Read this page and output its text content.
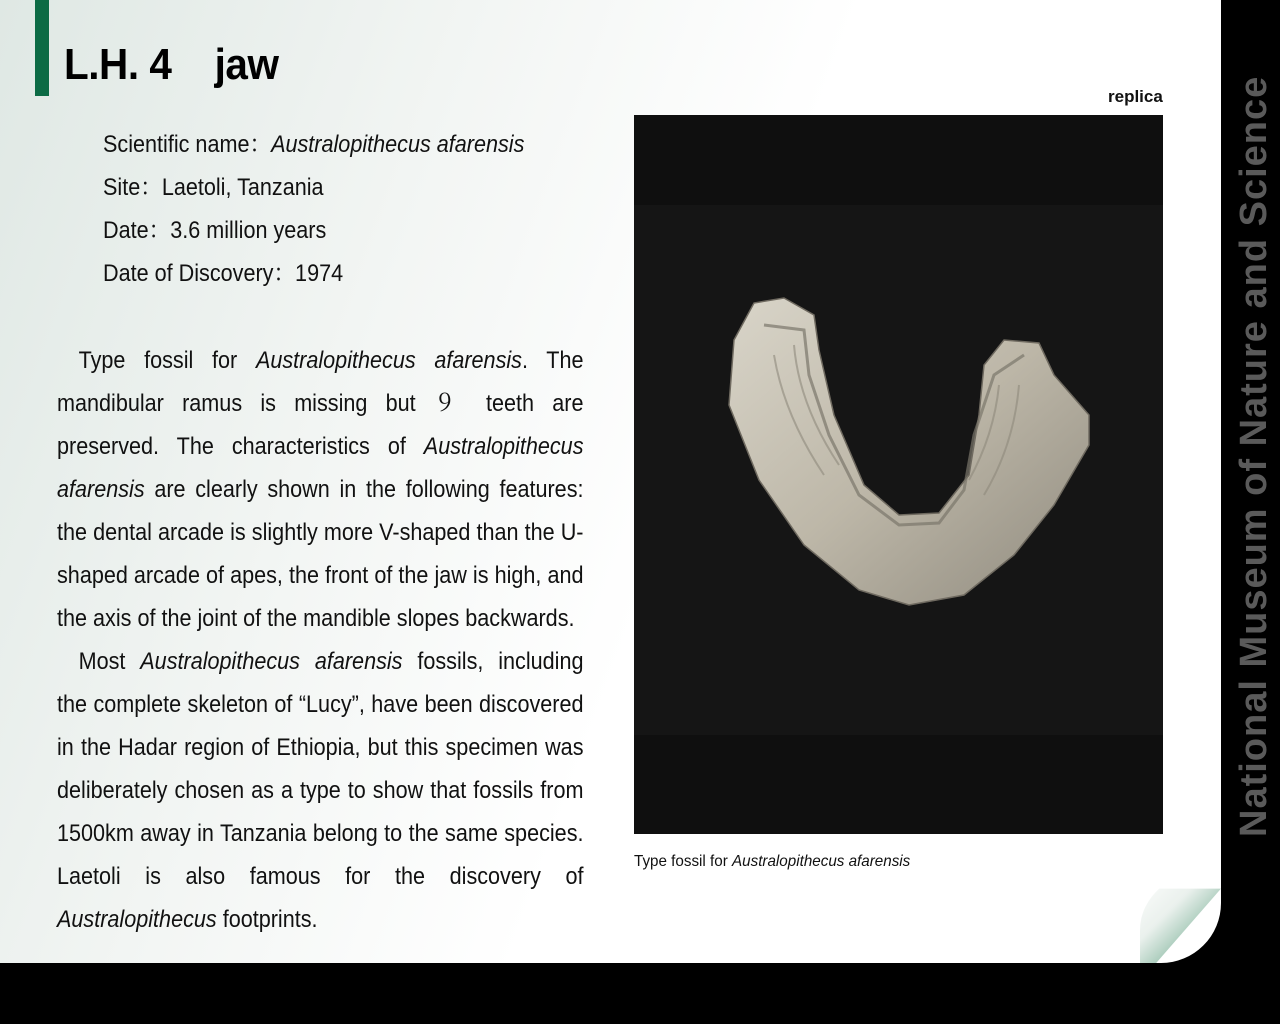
L.H. 4    jaw
Scientific name：Australopithecus afarensis
Site：Laetoli, Tanzania
Date：3.6 million years
Date of Discovery：1974

Type fossil for Australopithecus afarensis. The mandibular ramus is missing but ９ teeth are preserved. The characteristics of Australopithecus afarensis are clearly shown in the following features: the dental arcade is slightly more V-shaped than the U-shaped arcade of apes, the front of the jaw is high, and the axis of the joint of the mandible slopes backwards.

Most Australopithecus afarensis fossils, including the complete skeleton of “Lucy”, have been discovered in the Hadar region of Ethiopia, but this specimen was deliberately chosen as a type to show that fossils from 1500km away in Tanzania belong to the same species. Laetoli is also famous for the discovery of Australopithecus footprints.

replica
Type fossil for Australopithecus afarensis
National Museum of Nature and Science
